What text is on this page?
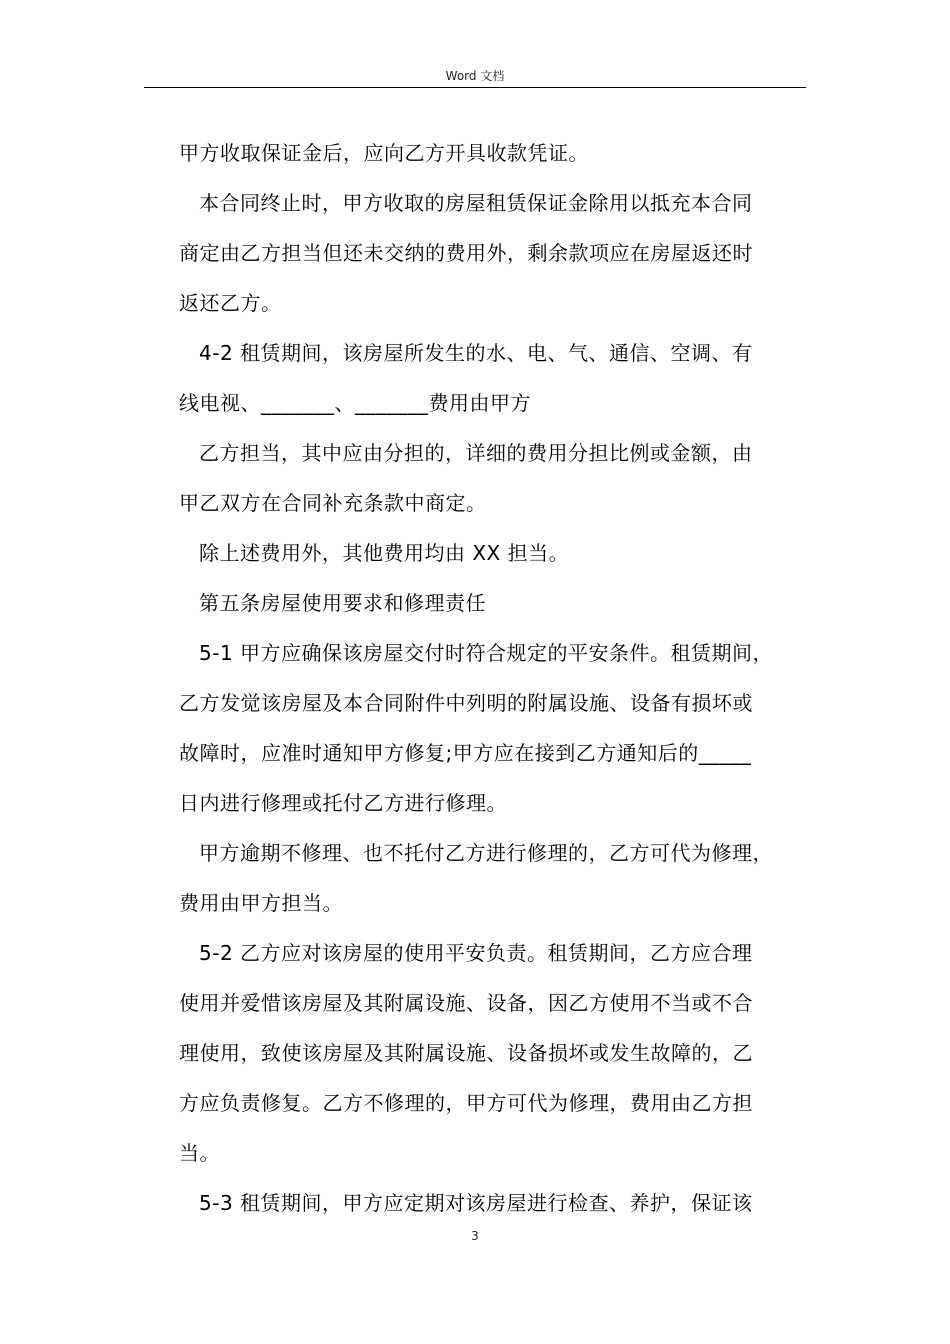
Word 文档
甲方收取保证金后，应向乙方开具收款凭证。
本合同终止时，甲方收取的房屋租赁保证金除用以抵充本合同
商定由乙方担当但还未交纳的费用外，剩余款项应在房屋返还时
返还乙方。
4-2 租赁期间，该房屋所发生的水、电、气、通信、空调、有
线电视、_______、_______费用由甲方
乙方担当，其中应由分担的，详细的费用分担比例或金额，由
甲乙双方在合同补充条款中商定。
除上述费用外，其他费用均由 XX 担当。
第五条房屋使用要求和修理责任
5-1 甲方应确保该房屋交付时符合规定的平安条件。租赁期间，
乙方发觉该房屋及本合同附件中列明的附属设施、设备有损坏或
故障时，应准时通知甲方修复;甲方应在接到乙方通知后的_____
日内进行修理或托付乙方进行修理。
甲方逾期不修理、也不托付乙方进行修理的，乙方可代为修理，
费用由甲方担当。
5-2 乙方应对该房屋的使用平安负责。租赁期间，乙方应合理
使用并爱惜该房屋及其附属设施、设备，因乙方使用不当或不合
理使用，致使该房屋及其附属设施、设备损坏或发生故障的，乙
方应负责修复。乙方不修理的，甲方可代为修理，费用由乙方担
当。
5-3 租赁期间，甲方应定期对该房屋进行检查、养护，保证该
3
